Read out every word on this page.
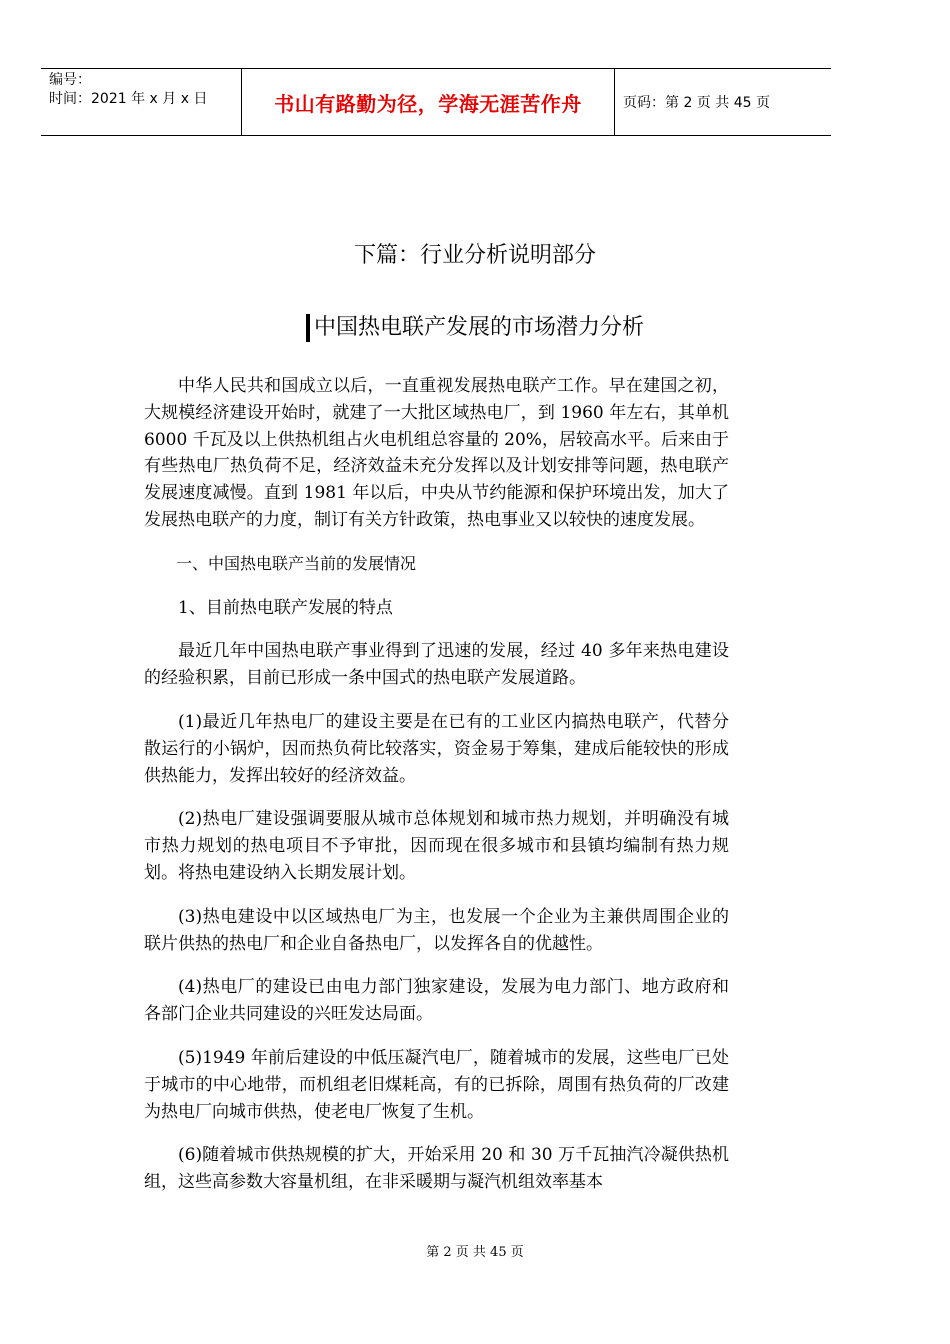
编号：
时间：2021 年 x 月 x 日	书山有路勤为径，学海无涯苦作舟	页码：第 2 页 共 45 页
下篇：行业分析说明部分
中国热电联产发展的市场潜力分析

中华人民共和国成立以后，一直重视发展热电联产工作。早在建国之初，大规模经济建设开始时，就建了一大批区域热电厂，到 1960 年左右，其单机 6000 千瓦及以上供热机组占火电机组总容量的 20%，居较高水平。后来由于有些热电厂热负荷不足，经济效益未充分发挥以及计划安排等问题，热电联产发展速度减慢。直到 1981 年以后，中央从节约能源和保护环境出发，加大了发展热电联产的力度，制订有关方针政策，热电事业又以较快的速度发展。

一、中国热电联产当前的发展情况

1、目前热电联产发展的特点

最近几年中国热电联产事业得到了迅速的发展，经过 40 多年来热电建设的经验积累，目前已形成一条中国式的热电联产发展道路。

(1)最近几年热电厂的建设主要是在已有的工业区内搞热电联产，代替分散运行的小锅炉，因而热负荷比较落实，资金易于筹集，建成后能较快的形成供热能力，发挥出较好的经济效益。

(2)热电厂建设强调要服从城市总体规划和城市热力规划，并明确没有城市热力规划的热电项目不予审批，因而现在很多城市和县镇均编制有热力规划。将热电建设纳入长期发展计划。

(3)热电建设中以区域热电厂为主，也发展一个企业为主兼供周围企业的联片供热的热电厂和企业自备热电厂，以发挥各自的优越性。

(4)热电厂的建设已由电力部门独家建设，发展为电力部门、地方政府和各部门企业共同建设的兴旺发达局面。

(5)1949 年前后建设的中低压凝汽电厂，随着城市的发展，这些电厂已处于城市的中心地带，而机组老旧煤耗高，有的已拆除，周围有热负荷的厂改建为热电厂向城市供热，使老电厂恢复了生机。

(6)随着城市供热规模的扩大，开始采用 20 和 30 万千瓦抽汽冷凝供热机组，这些高参数大容量机组，在非采暖期与凝汽机组效率基本

第 2 页 共 45 页
